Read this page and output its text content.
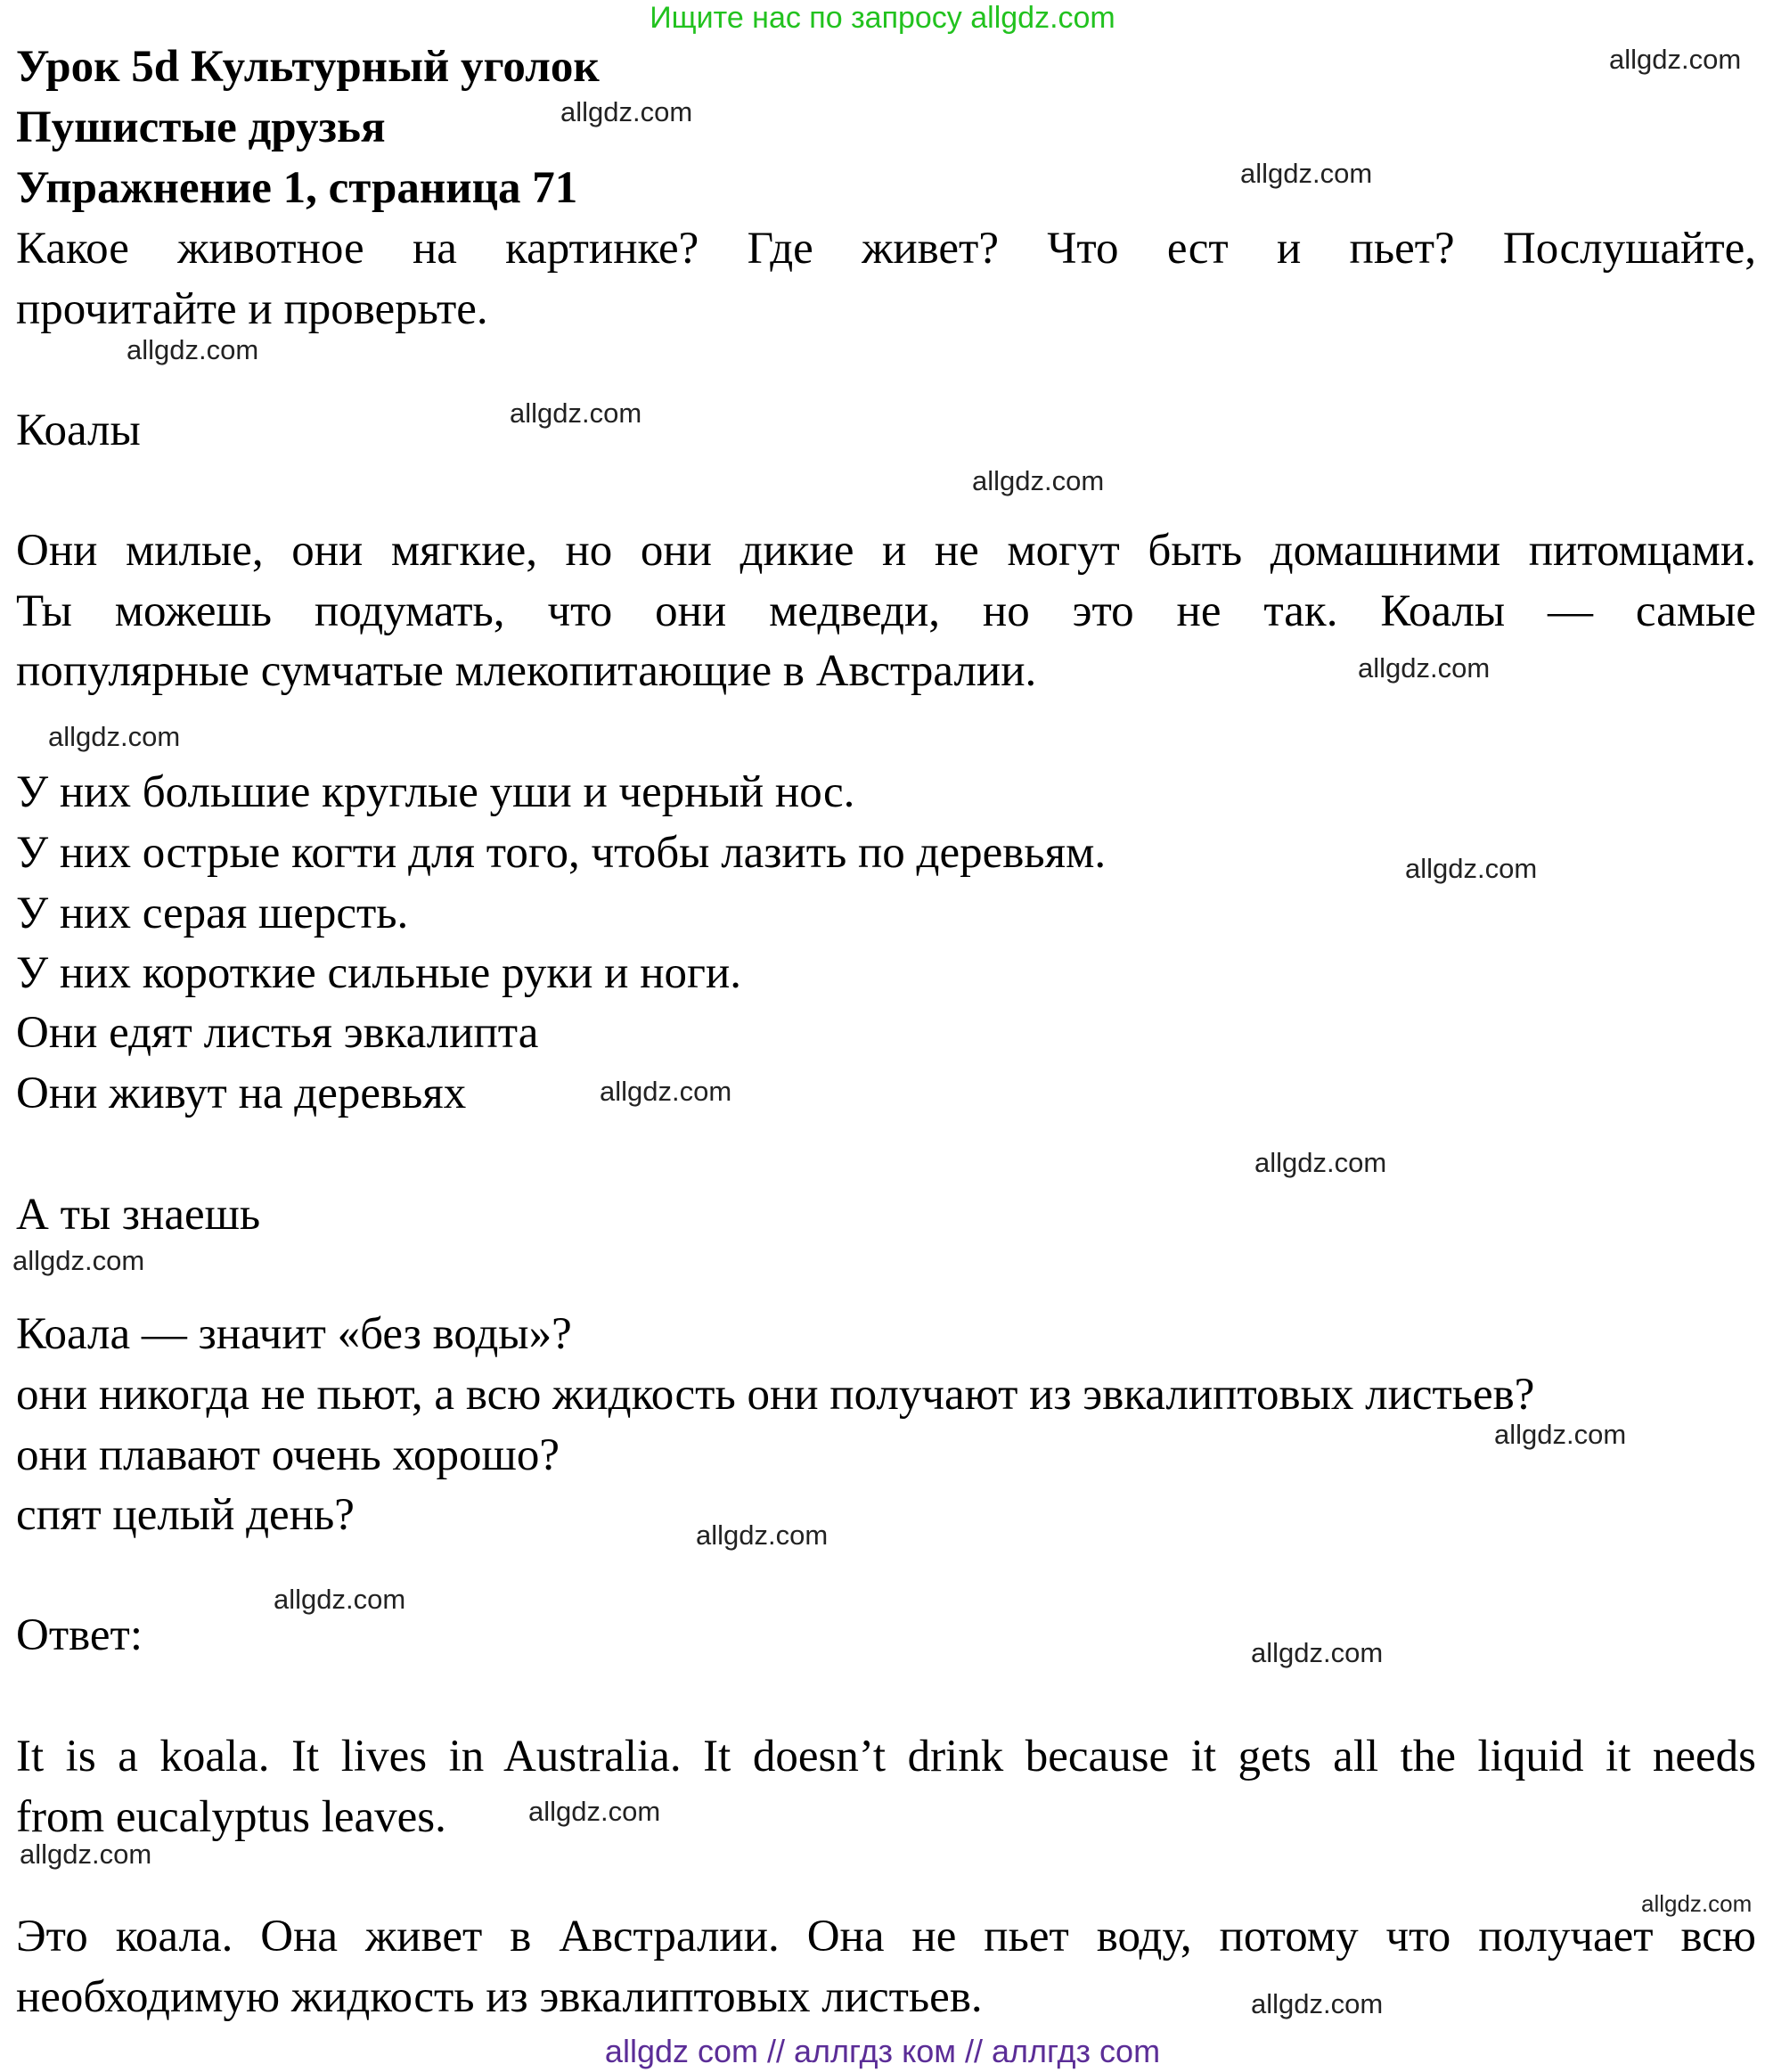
Ищите нас по запросу allgdz.com
Урок 5d Культурный уголок
Пушистые друзья
Упражнение 1, страница 71
Какое животное на картинке? Где живет? Что ест и пьет? Послушайте,
прочитайте и проверьте.
Коалы
Они милые, они мягкие, но они дикие и не могут быть домашними питомцами.
Ты можешь подумать, что они медведи, но это не так. Коалы — самые
популярные сумчатые млекопитающие в Австралии.
У них большие круглые уши и черный нос.
У них острые когти для того, чтобы лазить по деревьям.
У них серая шерсть.
У них короткие сильные руки и ноги.
Они едят листья эвкалипта
Они живут на деревьях
А ты знаешь
Коала — значит «без воды»?
они никогда не пьют, а всю жидкость они получают из эвкалиптовых листьев?
они плавают очень хорошо?
спят целый день?
Ответ:
It is a koala. It lives in Australia. It doesn’t drink because it gets all the liquid it needs
from eucalyptus leaves.
Это коала. Она живет в Австралии. Она не пьет воду, потому что получает всю
необходимую жидкость из эвкалиптовых листьев.
allgdz.com
allgdz.com
allgdz.com
allgdz.com
allgdz.com
allgdz.com
allgdz.com
allgdz.com
allgdz.com
allgdz.com
allgdz.com
allgdz.com
allgdz.com
allgdz.com
allgdz.com
allgdz.com
allgdz.com
allgdz.com
allgdz.com
allgdz.com
allgdz com // аллгдз ком // аллгдз com
